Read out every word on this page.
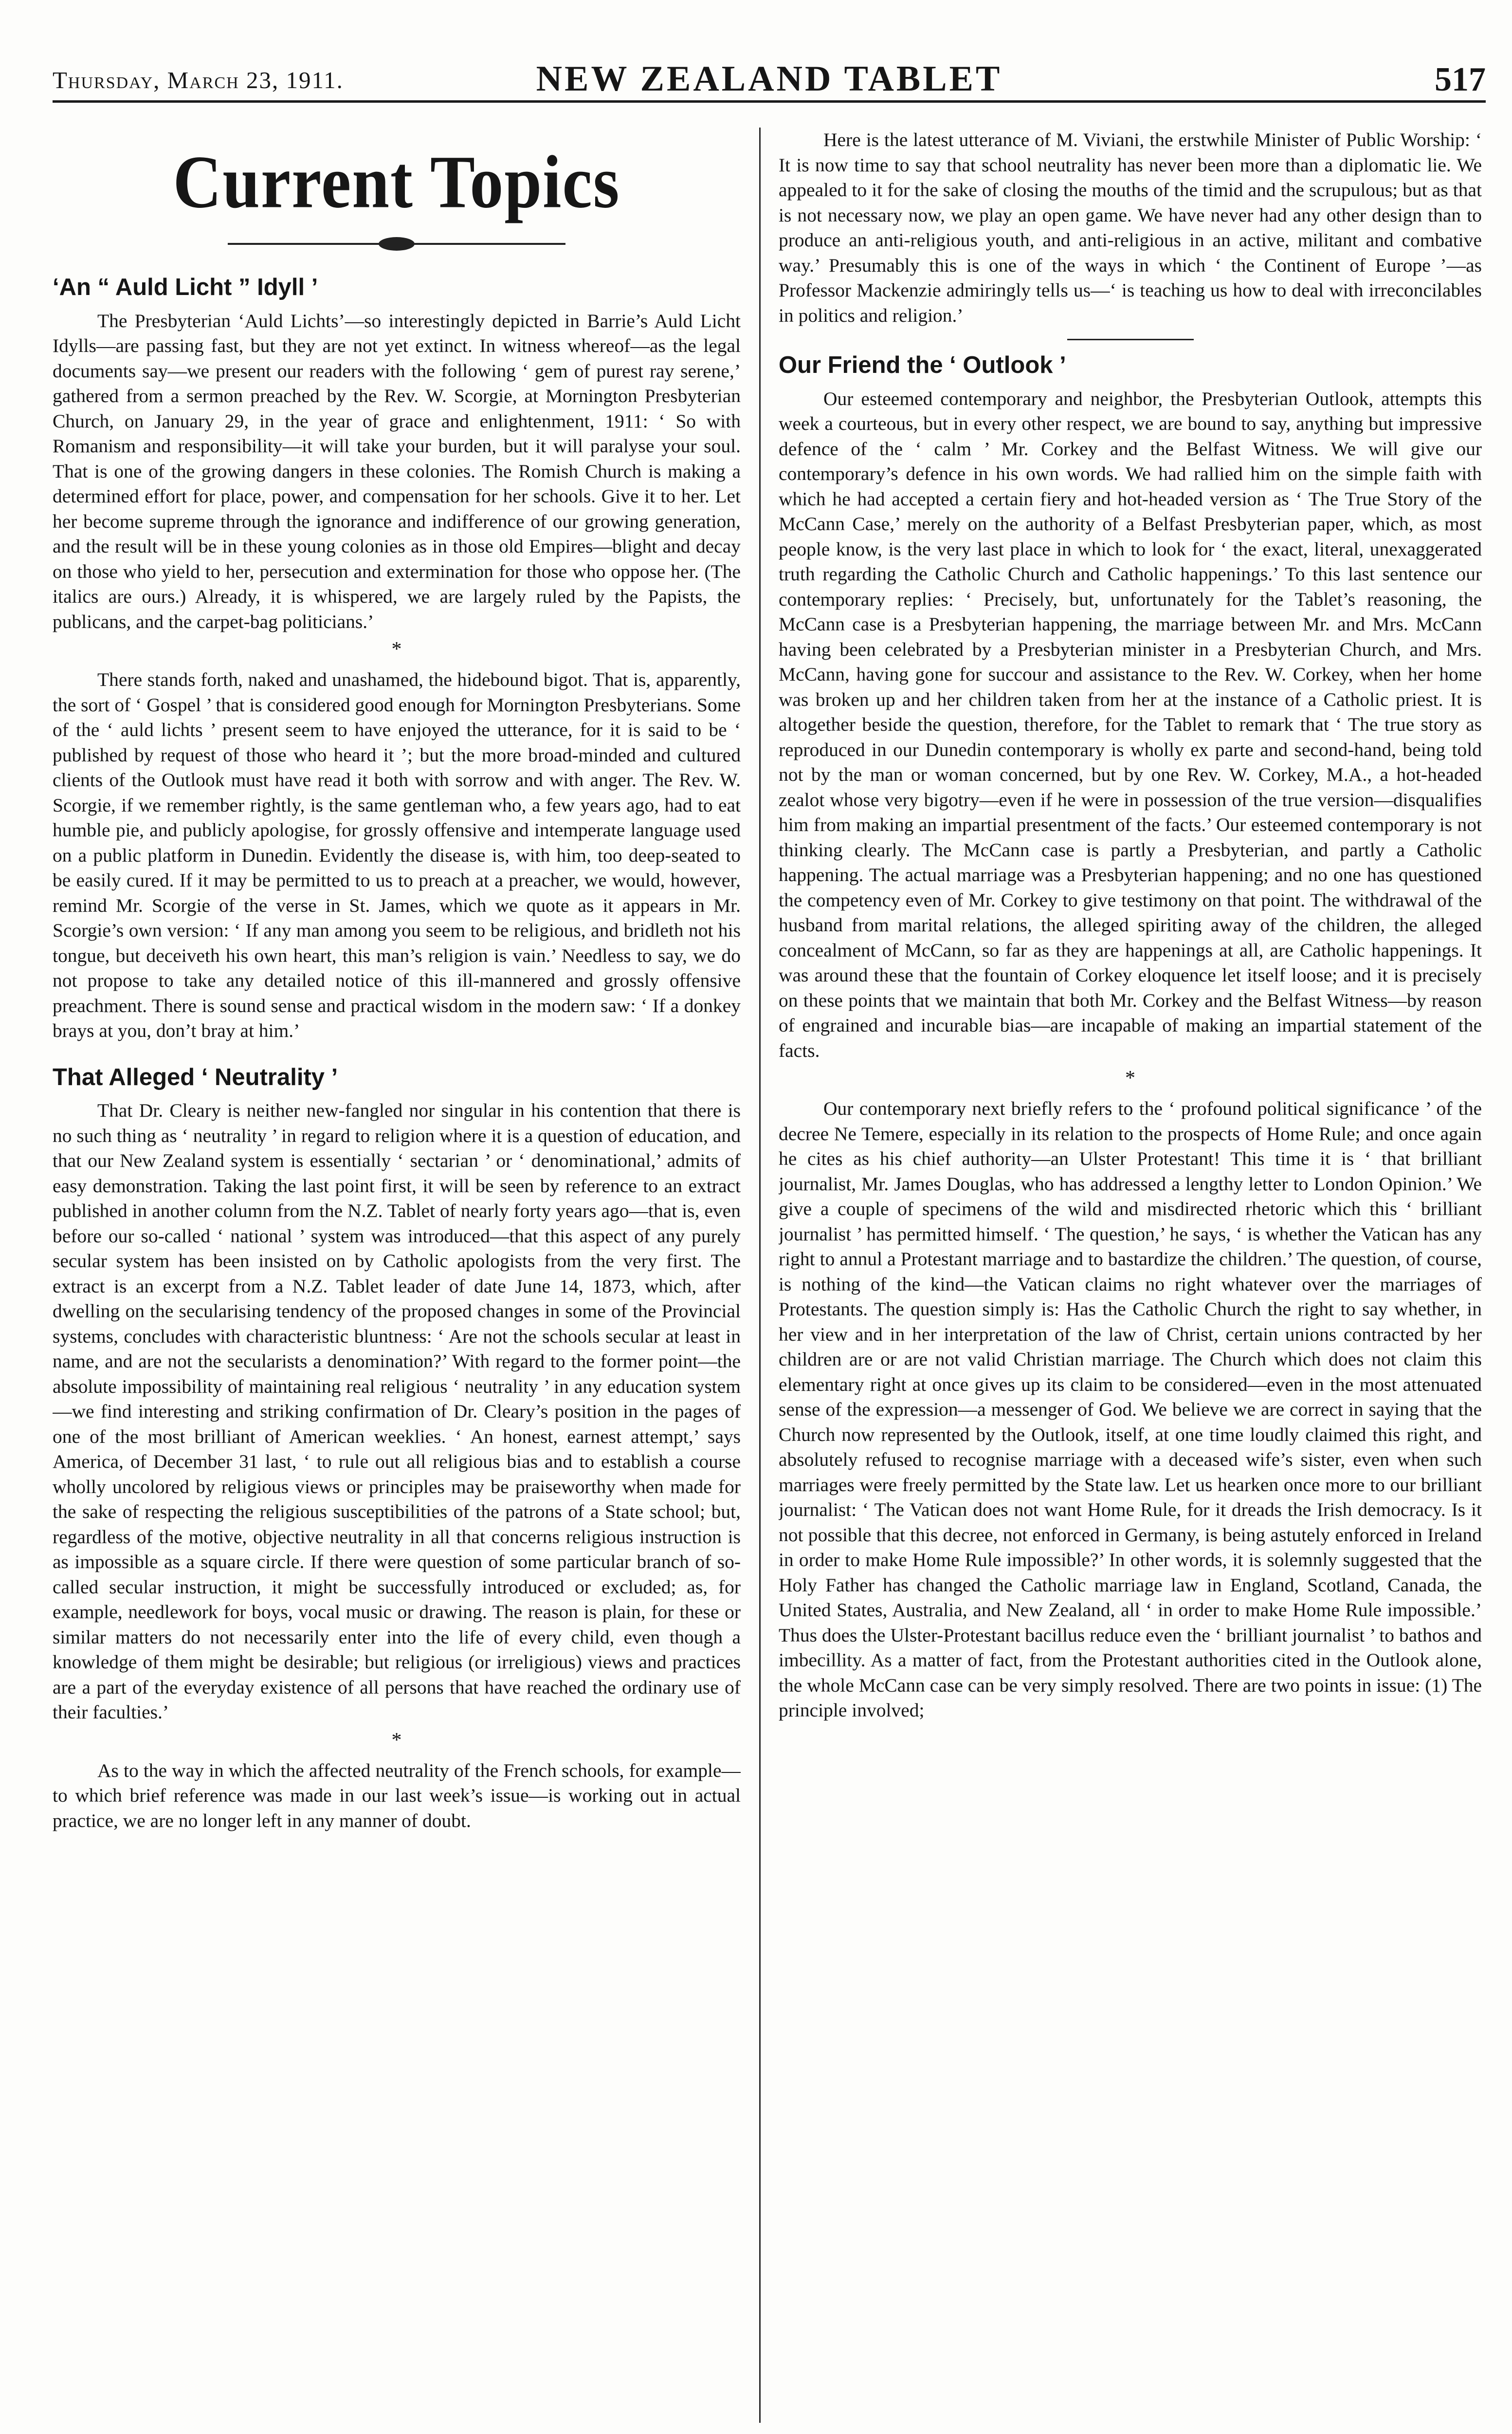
Thursday, March 23, 1911.	NEW ZEALAND TABLET	517
Current Topics
‘An “ Auld Licht ” Idyll ’

The Presbyterian ‘Auld Lichts’—so interestingly depicted in Barrie’s Auld Licht Idylls—are passing fast, but they are not yet extinct. In witness whereof—as the legal documents say—we present our readers with the following ‘ gem of purest ray serene,’ gathered from a sermon preached by the Rev. W. Scorgie, at Mornington Presbyterian Church, on January 29, in the year of grace and enlightenment, 1911: ‘ So with Romanism and responsibility—it will take your burden, but it will paralyse your soul. That is one of the growing dangers in these colonies. The Romish Church is making a determined effort for place, power, and compensation for her schools. Give it to her. Let her become supreme through the ignorance and indifference of our growing generation, and the result will be in these young colonies as in those old Empires—blight and decay on those who yield to her, persecution and extermination for those who oppose her. (The italics are ours.) Already, it is whispered, we are largely ruled by the Papists, the publicans, and the carpet-bag politicians.’

*

There stands forth, naked and unashamed, the hidebound bigot. That is, apparently, the sort of ‘ Gospel ’ that is considered good enough for Mornington Presbyterians. Some of the ‘ auld lichts ’ present seem to have enjoyed the utterance, for it is said to be ‘ published by request of those who heard it ’; but the more broad-minded and cultured clients of the Outlook must have read it both with sorrow and with anger. The Rev. W. Scorgie, if we remember rightly, is the same gentleman who, a few years ago, had to eat humble pie, and publicly apologise, for grossly offensive and intemperate language used on a public platform in Dunedin. Evidently the disease is, with him, too deep-seated to be easily cured. If it may be permitted to us to preach at a preacher, we would, however, remind Mr. Scorgie of the verse in St. James, which we quote as it appears in Mr. Scorgie’s own version: ‘ If any man among you seem to be religious, and bridleth not his tongue, but deceiveth his own heart, this man’s religion is vain.’ Needless to say, we do not propose to take any detailed notice of this ill-mannered and grossly offensive preachment. There is sound sense and practical wisdom in the modern saw: ‘ If a donkey brays at you, don’t bray at him.’

That Alleged ‘ Neutrality ’

That Dr. Cleary is neither new-fangled nor singular in his contention that there is no such thing as ‘ neutrality ’ in regard to religion where it is a question of education, and that our New Zealand system is essentially ‘ sectarian ’ or ‘ denominational,’ admits of easy demonstration. Taking the last point first, it will be seen by reference to an extract published in another column from the N.Z. Tablet of nearly forty years ago—that is, even before our so-called ‘ national ’ system was introduced—that this aspect of any purely secular system has been insisted on by Catholic apologists from the very first. The extract is an excerpt from a N.Z. Tablet leader of date June 14, 1873, which, after dwelling on the secularising tendency of the proposed changes in some of the Provincial systems, concludes with characteristic bluntness: ‘ Are not the schools secular at least in name, and are not the secularists a denomination?’ With regard to the former point—the absolute impossibility of maintaining real religious ‘ neutrality ’ in any education system—we find interesting and striking confirmation of Dr. Cleary’s position in the pages of one of the most brilliant of American weeklies. ‘ An honest, earnest attempt,’ says America, of December 31 last, ‘ to rule out all religious bias and to establish a course wholly uncolored by religious views or principles may be praiseworthy when made for the sake of respecting the religious susceptibilities of the patrons of a State school; but, regardless of the motive, objective neutrality in all that concerns religious instruction is as impossible as a square circle. If there were question of some particular branch of so-called secular instruction, it might be successfully introduced or excluded; as, for example, needlework for boys, vocal music or drawing. The reason is plain, for these or similar matters do not necessarily enter into the life of every child, even though a knowledge of them might be desirable; but religious (or irreligious) views and practices are a part of the everyday existence of all persons that have reached the ordinary use of their faculties.’

*

As to the way in which the affected neutrality of the French schools, for example—to which brief reference was made in our last week’s issue—is working out in actual practice, we are no longer left in any manner of doubt.

Here is the latest utterance of M. Viviani, the erstwhile Minister of Public Worship: ‘ It is now time to say that school neutrality has never been more than a diplomatic lie. We appealed to it for the sake of closing the mouths of the timid and the scrupulous; but as that is not necessary now, we play an open game. We have never had any other design than to produce an anti-religious youth, and anti-religious in an active, militant and combative way.’ Presumably this is one of the ways in which ‘ the Continent of Europe ’—as Professor Mackenzie admiringly tells us—‘ is teaching us how to deal with irreconcilables in politics and religion.’

Our Friend the ‘ Outlook ’

Our esteemed contemporary and neighbor, the Presbyterian Outlook, attempts this week a courteous, but in every other respect, we are bound to say, anything but impressive defence of the ‘ calm ’ Mr. Corkey and the Belfast Witness. We will give our contemporary’s defence in his own words. We had rallied him on the simple faith with which he had accepted a certain fiery and hot-headed version as ‘ The True Story of the McCann Case,’ merely on the authority of a Belfast Presbyterian paper, which, as most people know, is the very last place in which to look for ‘ the exact, literal, unexaggerated truth regarding the Catholic Church and Catholic happenings.’ To this last sentence our contemporary replies: ‘ Precisely, but, unfortunately for the Tablet’s reasoning, the McCann case is a Presbyterian happening, the marriage between Mr. and Mrs. McCann having been celebrated by a Presbyterian minister in a Presbyterian Church, and Mrs. McCann, having gone for succour and assistance to the Rev. W. Corkey, when her home was broken up and her children taken from her at the instance of a Catholic priest. It is altogether beside the question, therefore, for the Tablet to remark that ‘ The true story as reproduced in our Dunedin contemporary is wholly ex parte and second-hand, being told not by the man or woman concerned, but by one Rev. W. Corkey, M.A., a hot-headed zealot whose very bigotry—even if he were in possession of the true version—disqualifies him from making an impartial presentment of the facts.’ Our esteemed contemporary is not thinking clearly. The McCann case is partly a Presbyterian, and partly a Catholic happening. The actual marriage was a Presbyterian happening; and no one has questioned the competency even of Mr. Corkey to give testimony on that point. The withdrawal of the husband from marital relations, the alleged spiriting away of the children, the alleged concealment of McCann, so far as they are happenings at all, are Catholic happenings. It was around these that the fountain of Corkey eloquence let itself loose; and it is precisely on these points that we maintain that both Mr. Corkey and the Belfast Witness—by reason of engrained and incurable bias—are incapable of making an impartial statement of the facts.

*

Our contemporary next briefly refers to the ‘ profound political significance ’ of the decree Ne Temere, especially in its relation to the prospects of Home Rule; and once again he cites as his chief authority—an Ulster Protestant! This time it is ‘ that brilliant journalist, Mr. James Douglas, who has addressed a lengthy letter to London Opinion.’ We give a couple of specimens of the wild and misdirected rhetoric which this ‘ brilliant journalist ’ has permitted himself. ‘ The question,’ he says, ‘ is whether the Vatican has any right to annul a Protestant marriage and to bastardize the children.’ The question, of course, is nothing of the kind—the Vatican claims no right whatever over the marriages of Protestants. The question simply is: Has the Catholic Church the right to say whether, in her view and in her interpretation of the law of Christ, certain unions contracted by her children are or are not valid Christian marriage. The Church which does not claim this elementary right at once gives up its claim to be considered—even in the most attenuated sense of the expression—a messenger of God. We believe we are correct in saying that the Church now represented by the Outlook, itself, at one time loudly claimed this right, and absolutely refused to recognise marriage with a deceased wife’s sister, even when such marriages were freely permitted by the State law. Let us hearken once more to our brilliant journalist: ‘ The Vatican does not want Home Rule, for it dreads the Irish democracy. Is it not possible that this decree, not enforced in Germany, is being astutely enforced in Ireland in order to make Home Rule impossible?’ In other words, it is solemnly suggested that the Holy Father has changed the Catholic marriage law in England, Scotland, Canada, the United States, Australia, and New Zealand, all ‘ in order to make Home Rule impossible.’ Thus does the Ulster-Protestant bacillus reduce even the ‘ brilliant journalist ’ to bathos and imbecillity. As a matter of fact, from the Protestant authorities cited in the Outlook alone, the whole McCann case can be very simply resolved. There are two points in issue: (1) The principle involved;
